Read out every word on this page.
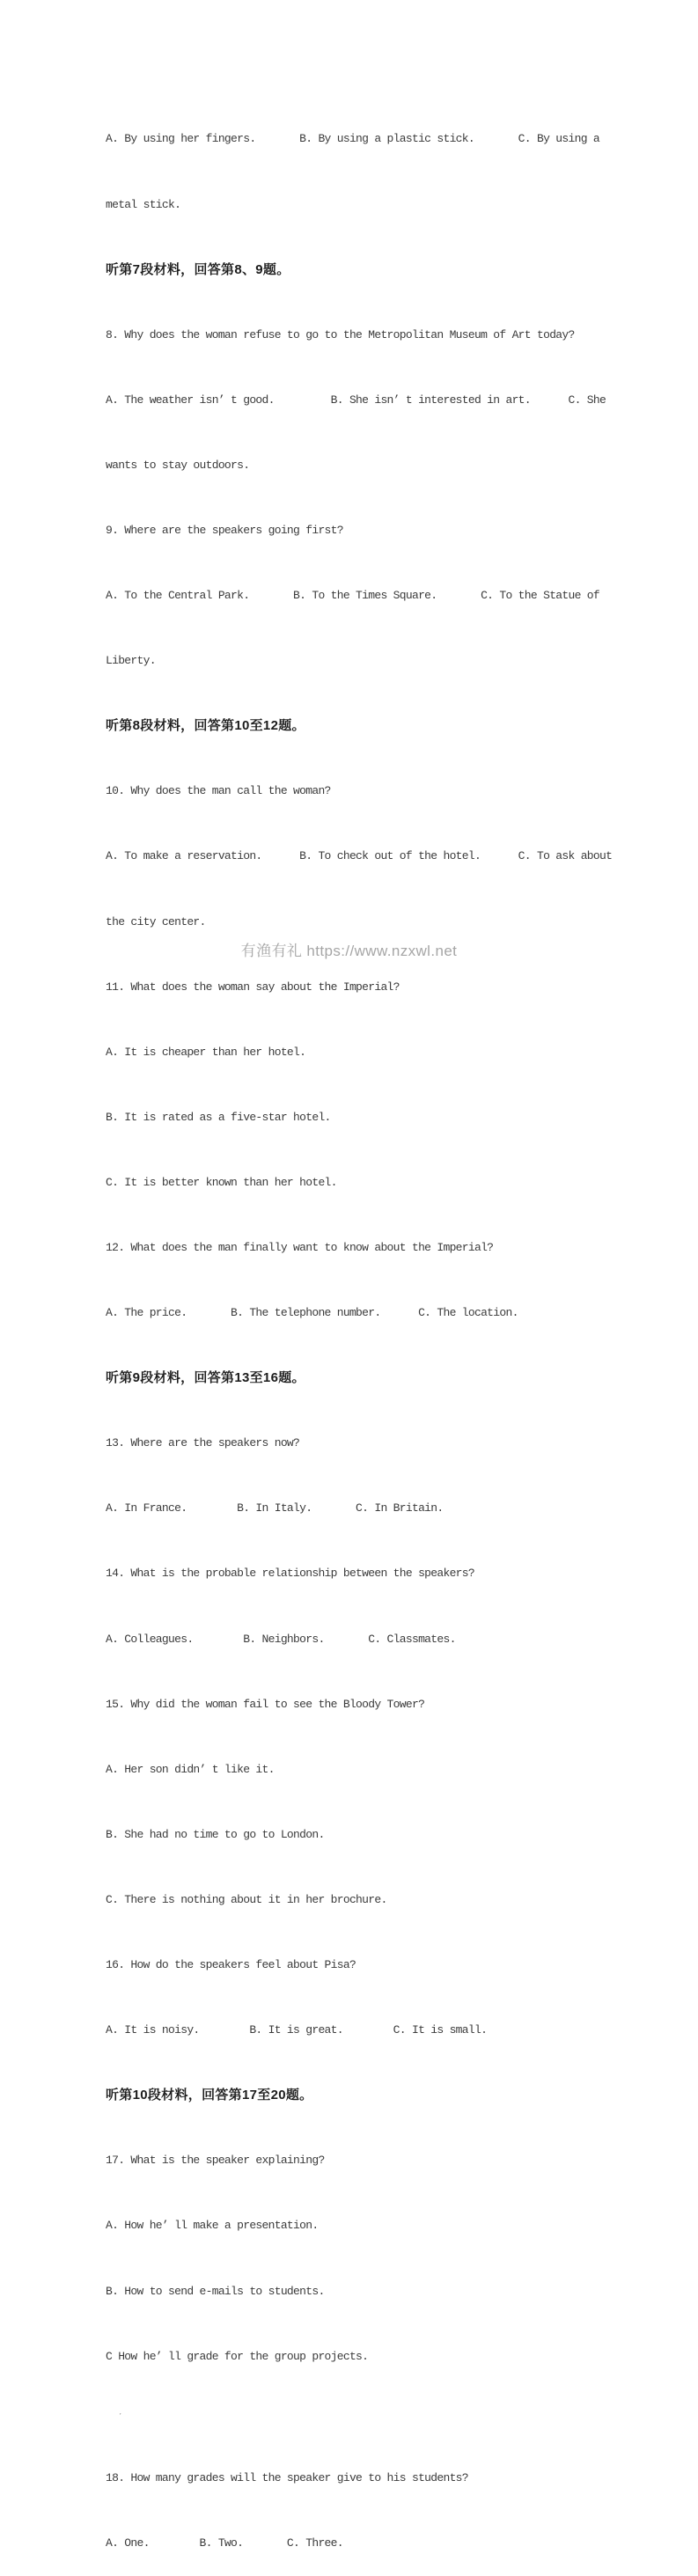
A. By using her fingers.       B. By using a plastic stick.       C. By using a

metal stick.

听第7段材料，回答第8、9题。

8. Why does the woman refuse to go to the Metropolitan Museum of Art today?

A. The weather isn’ t good.         B. She isn’ t interested in art.      C. She

wants to stay outdoors.

9. Where are the speakers going first?

A. To the Central Park.       B. To the Times Square.       C. To the Statue of

Liberty.

听第8段材料，回答第10至12题。

10. Why does the man call the woman?

A. To make a reservation.      B. To check out of the hotel.      C. To ask about

the city center.

11. What does the woman say about the Imperial?

A. It is cheaper than her hotel.

B. It is rated as a five-star hotel.

C. It is better known than her hotel.

12. What does the man finally want to know about the Imperial?

A. The price.       B. The telephone number.      C. The location.

听第9段材料，回答第13至16题。

13. Where are the speakers now?

A. In France.        B. In Italy.       C. In Britain.

14. What is the probable relationship between the speakers?

A. Colleagues.        B. Neighbors.       C. Classmates.

15. Why did the woman fail to see the Bloody Tower?

A. Her son didn’ t like it.

B. She had no time to go to London.

C. There is nothing about it in her brochure.

16. How do the speakers feel about Pisa?

A. It is noisy.        B. It is great.        C. It is small.

听第10段材料，回答第17至20题。

17. What is the speaker explaining?

A. How he’ ll make a presentation.

B. How to send e-mails to students.

C How he’ ll grade for the group projects.

ˊ

18. How many grades will the speaker give to his students?

A. One.        B. Two.       C. Three.

有渔有礼 https://www.nzxwl.net
